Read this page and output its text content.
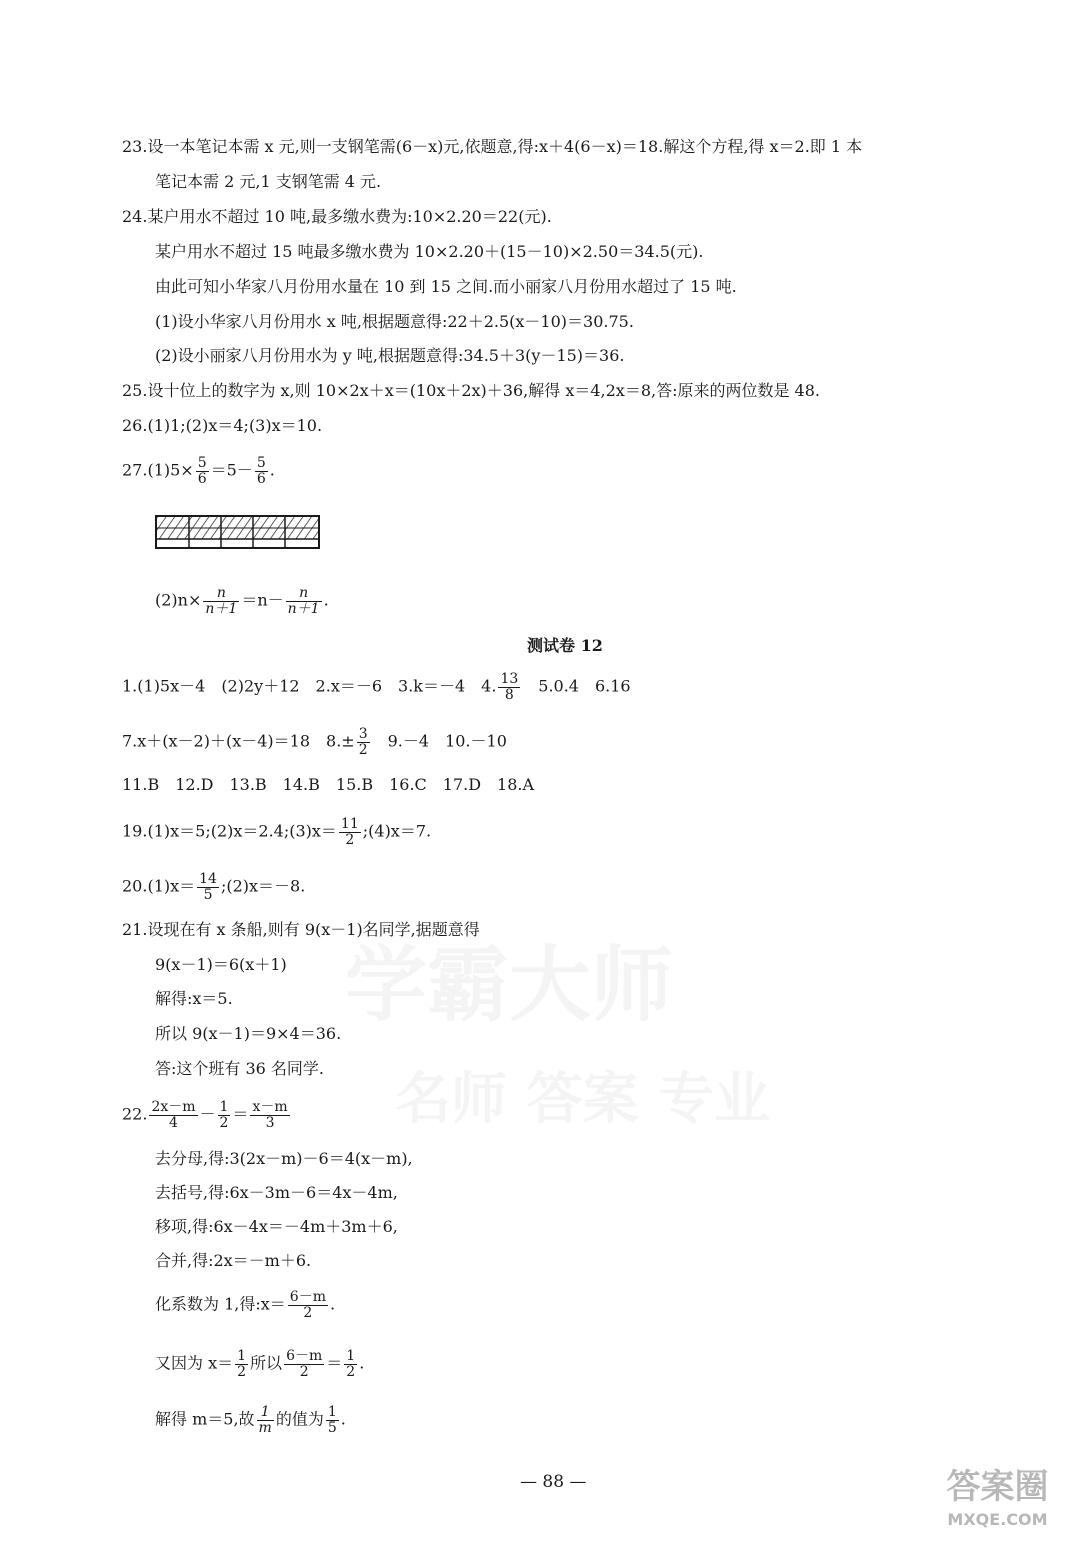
23.设一本笔记本需 x 元,则一支钢笔需(6－x)元,依题意,得:x＋4(6－x)＝18.解这个方程,得 x＝2.即 1 本
笔记本需 2 元,1 支钢笔需 4 元.
24.某户用水不超过 10 吨,最多缴水费为:10×2.20＝22(元).
某户用水不超过 15 吨最多缴水费为 10×2.20＋(15－10)×2.50＝34.5(元).
由此可知小华家八月份用水量在 10 到 15 之间.而小丽家八月份用水超过了 15 吨.
(1)设小华家八月份用水 x 吨,根据题意得:22＋2.5(x－10)＝30.75.
(2)设小丽家八月份用水为 y 吨,根据题意得:34.5＋3(y－15)＝36.
25.设十位上的数字为 x,则 10×2x＋x＝(10x＋2x)＋36,解得 x＝4,2x＝8,答:原来的两位数是 48.
26.(1)1;(2)x＝4;(3)x＝10.
$27.(1)5\times \frac{5}{6} =5- \frac{5}{6}$ .
$(2)n\times \frac{n}{n+1} =n- \frac{n}{n+1}$ .
测试卷 12
1.(1)5x－4　(2)2y＋12　2.x＝－6　3.k＝－4　4. $\frac{13}{8}$ 　5.0.4　6.16
7.x＋(x－2)＋(x－4)＝18　$8.\pm \frac{3}{2}$ 　9.－4　10.－10
11.B　12.D　13.B　14.B　15.B　16.C　17.D　18.A
19.(1)x＝5;(2)x＝2.4;(3)x＝ $\frac{11}{2}$ ;(4)x＝7.
$20.(1)x= \frac{14}{5}$ ;(2)x＝－8.
21.设现在有 x 条船,则有 9(x－1)名同学,据题意得
9(x－1)＝6(x＋1)
解得:x＝5.
所以 9(x－1)＝9×4＝36.
答:这个班有 36 名同学.
22. $\frac{2x-m}{4} - \frac{1}{2} = \frac{x-m}{3}$
去分母,得:3(2x－m)－6＝4(x－m),
去括号,得:6x－3m－6＝4x－4m,
移项,得:6x－4x＝－4m＋3m＋6,
合并,得:2x＝－m＋6.
化系数为 1,得:x＝ $\frac{6-m}{2}$ .
又因为 $x= \frac{1}{2}$ 所以 $\frac{6-m}{2} = \frac{1}{2}$ .
解得 m＝5,故 $\frac{1}{m}$ 的值为 $\frac{1}{5}$ .
— 88 —	答案圈
MXQE.COM
